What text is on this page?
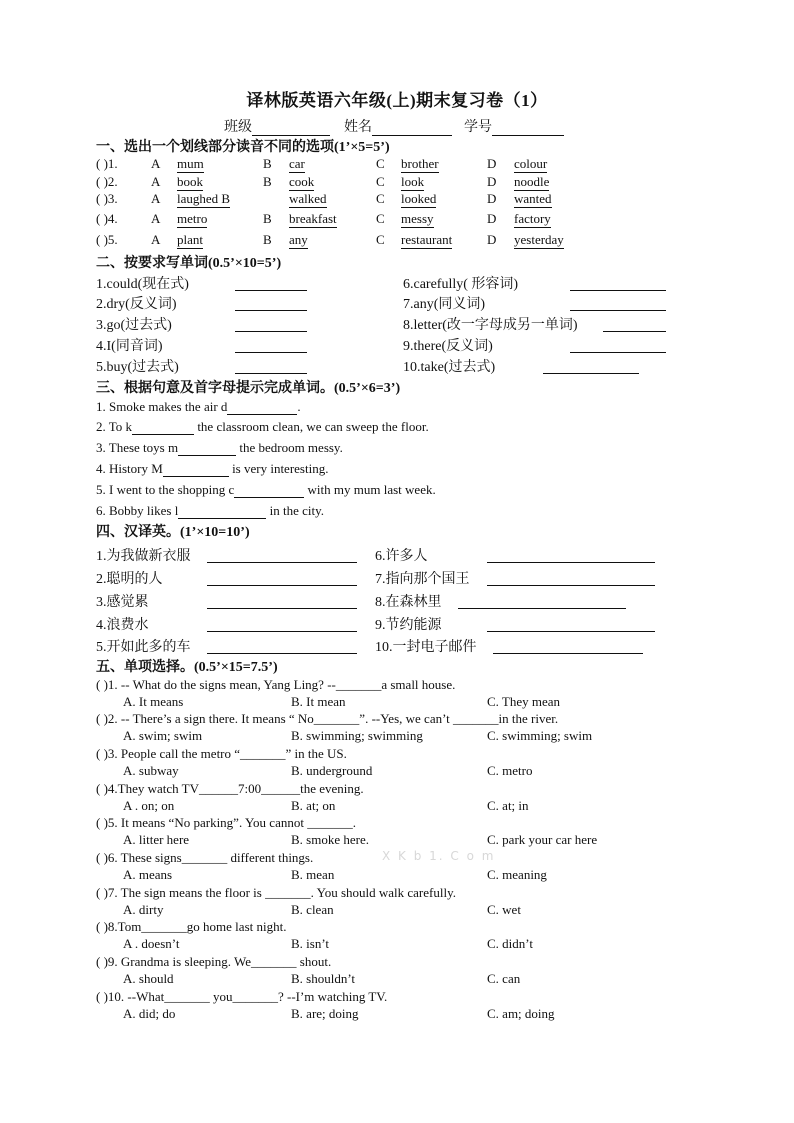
译林版英语六年级(上)期末复习卷（1）
班级	姓名	学号
一、选出一个划线部分读音不同的选项(1’×5=5’)
( )1.	A mum	B car	C brother	D colour
( )2.	A book	B cook	C look	D noodle
( )3.	A laughed B	walked	C looked	D wanted
( )4.	A metro	B breakfast	C messy	D factory
( )5.	A plant	B any	C restaurant	D yesterday
二、按要求写单词(0.5’×10=5’)
1.could(现在式)
2.dry(反义词)
3.go(过去式)
4.I(同音词)
5.buy(过去式)
6.carefully( 形容词)
7.any(同义词)
8.letter(改一字母成另一单词)
9.there(反义词)
10.take(过去式)
三、根据句意及首字母提示完成单词。(0.5’×6=3’)
1. Smoke makes the air d	.
2. To k	the classroom clean, we can sweep the floor.
3. These toys m	the bedroom messy.
4. History M	is very interesting.
5. I went to the shopping c	with my mum last week.
6. Bobby likes l	in the city.
四、汉译英。(1’×10=10’)
1.为我做新衣服
2.聪明的人
3.感觉累
4.浪费水
5.开如此多的车
6.许多人
7.指向那个国王
8.在森林里
9.节约能源
10.一封电子邮件
五、单项选择。(0.5’×15=7.5’)
( )1. -- What do the signs mean, Yang Ling? --_______a small house.
A. It means	B. It mean	C. They mean
( )2. -- There’s a sign there. It means “ No_______”. --Yes, we can’t _______in the river.
A. swim; swim	B. swimming; swimming	C. swimming; swim
( )3. People call the metro “_______” in the US.
A. subway	B. underground	C. metro
( )4.They watch TV______7:00______the evening.
A . on; on	B. at; on	C. at; in
( )5. It means “No parking”. You cannot _______.
A. litter here	B. smoke here.	C. park your car here
( )6. These signs_______ different things.
A. means	B. mean	C. meaning
( )7. The sign means the floor is _______. You should walk carefully.
A. dirty	B. clean	C. wet
( )8.Tom_______go home last night.
A . doesn’t	B. isn’t	C. didn’t
( )9. Grandma is sleeping. We_______ shout.
A. should	B. shouldn’t	C. can
( )10. --What_______ you_______? --I’m watching TV.
A. did; do	B. are; doing	C. am; doing
X K b 1. C o m
